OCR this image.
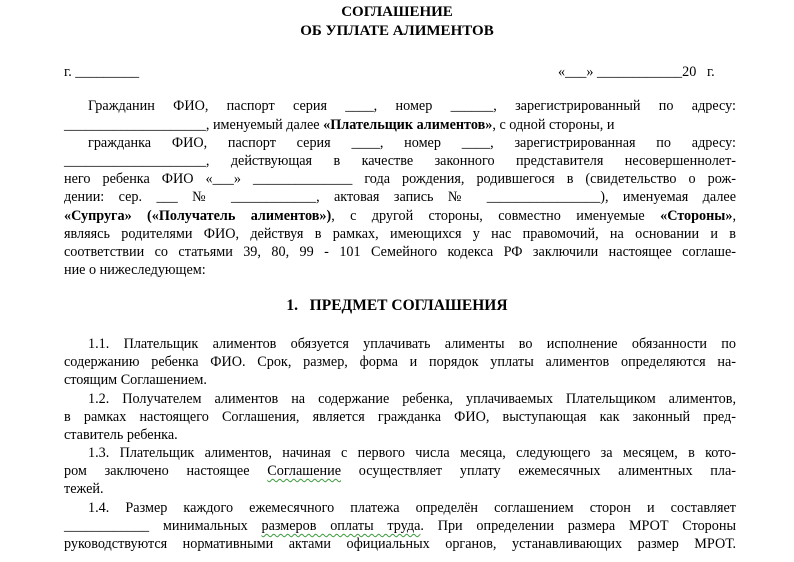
СОГЛАШЕНИЕ
ОБ УПЛАТЕ АЛИМЕНТОВ
г. _________	«___» ____________20   г.
Гражданин ФИО, паспорт серия ____, номер ______, зарегистрированный по адресу:
____________________, именуемый далее «Плательщик алиментов», с одной стороны, и
гражданка ФИО, паспорт серия ____, номер ____, зарегистрированная по адресу:
____________________, действующая в качестве законного представителя несовершеннолет-
него ребенка ФИО «___» ______________ года рождения, родившегося в (свидетельство о рож-
дении: сер. ___ № ____________, актовая запись № ________________), именуемая далее
«Супруга» («Получатель алиментов»), с другой стороны, совместно именуемые «Стороны»,
являясь родителями ФИО, действуя в рамках, имеющихся у нас правомочий, на основании и в
соответствии со статьями 39, 80, 99 - 101 Семейного кодекса РФ заключили настоящее соглаше-
ние о нижеследующем:
1.   ПРЕДМЕТ СОГЛАШЕНИЯ
1.1. Плательщик алиментов обязуется уплачивать алименты во исполнение обязанности по
содержанию ребенка ФИО. Срок, размер, форма и порядок уплаты алиментов определяются на-
стоящим Соглашением.
1.2. Получателем алиментов на содержание ребенка, уплачиваемых Плательщиком алиментов,
в рамках настоящего Соглашения, является гражданка ФИО, выступающая как законный пред-
ставитель ребенка.
1.3. Плательщик алиментов, начиная с первого числа месяца, следующего за месяцем, в кото-
ром заключено настоящее Соглашение осуществляет уплату ежемесячных алиментных пла-
тежей.
1.4. Размер каждого ежемесячного платежа определён соглашением сторон и составляет
____________ минимальных размеров оплаты труда. При определении размера МРОТ Стороны
руководствуются нормативными актами официальных органов, устанавливающих размер МРОТ.
